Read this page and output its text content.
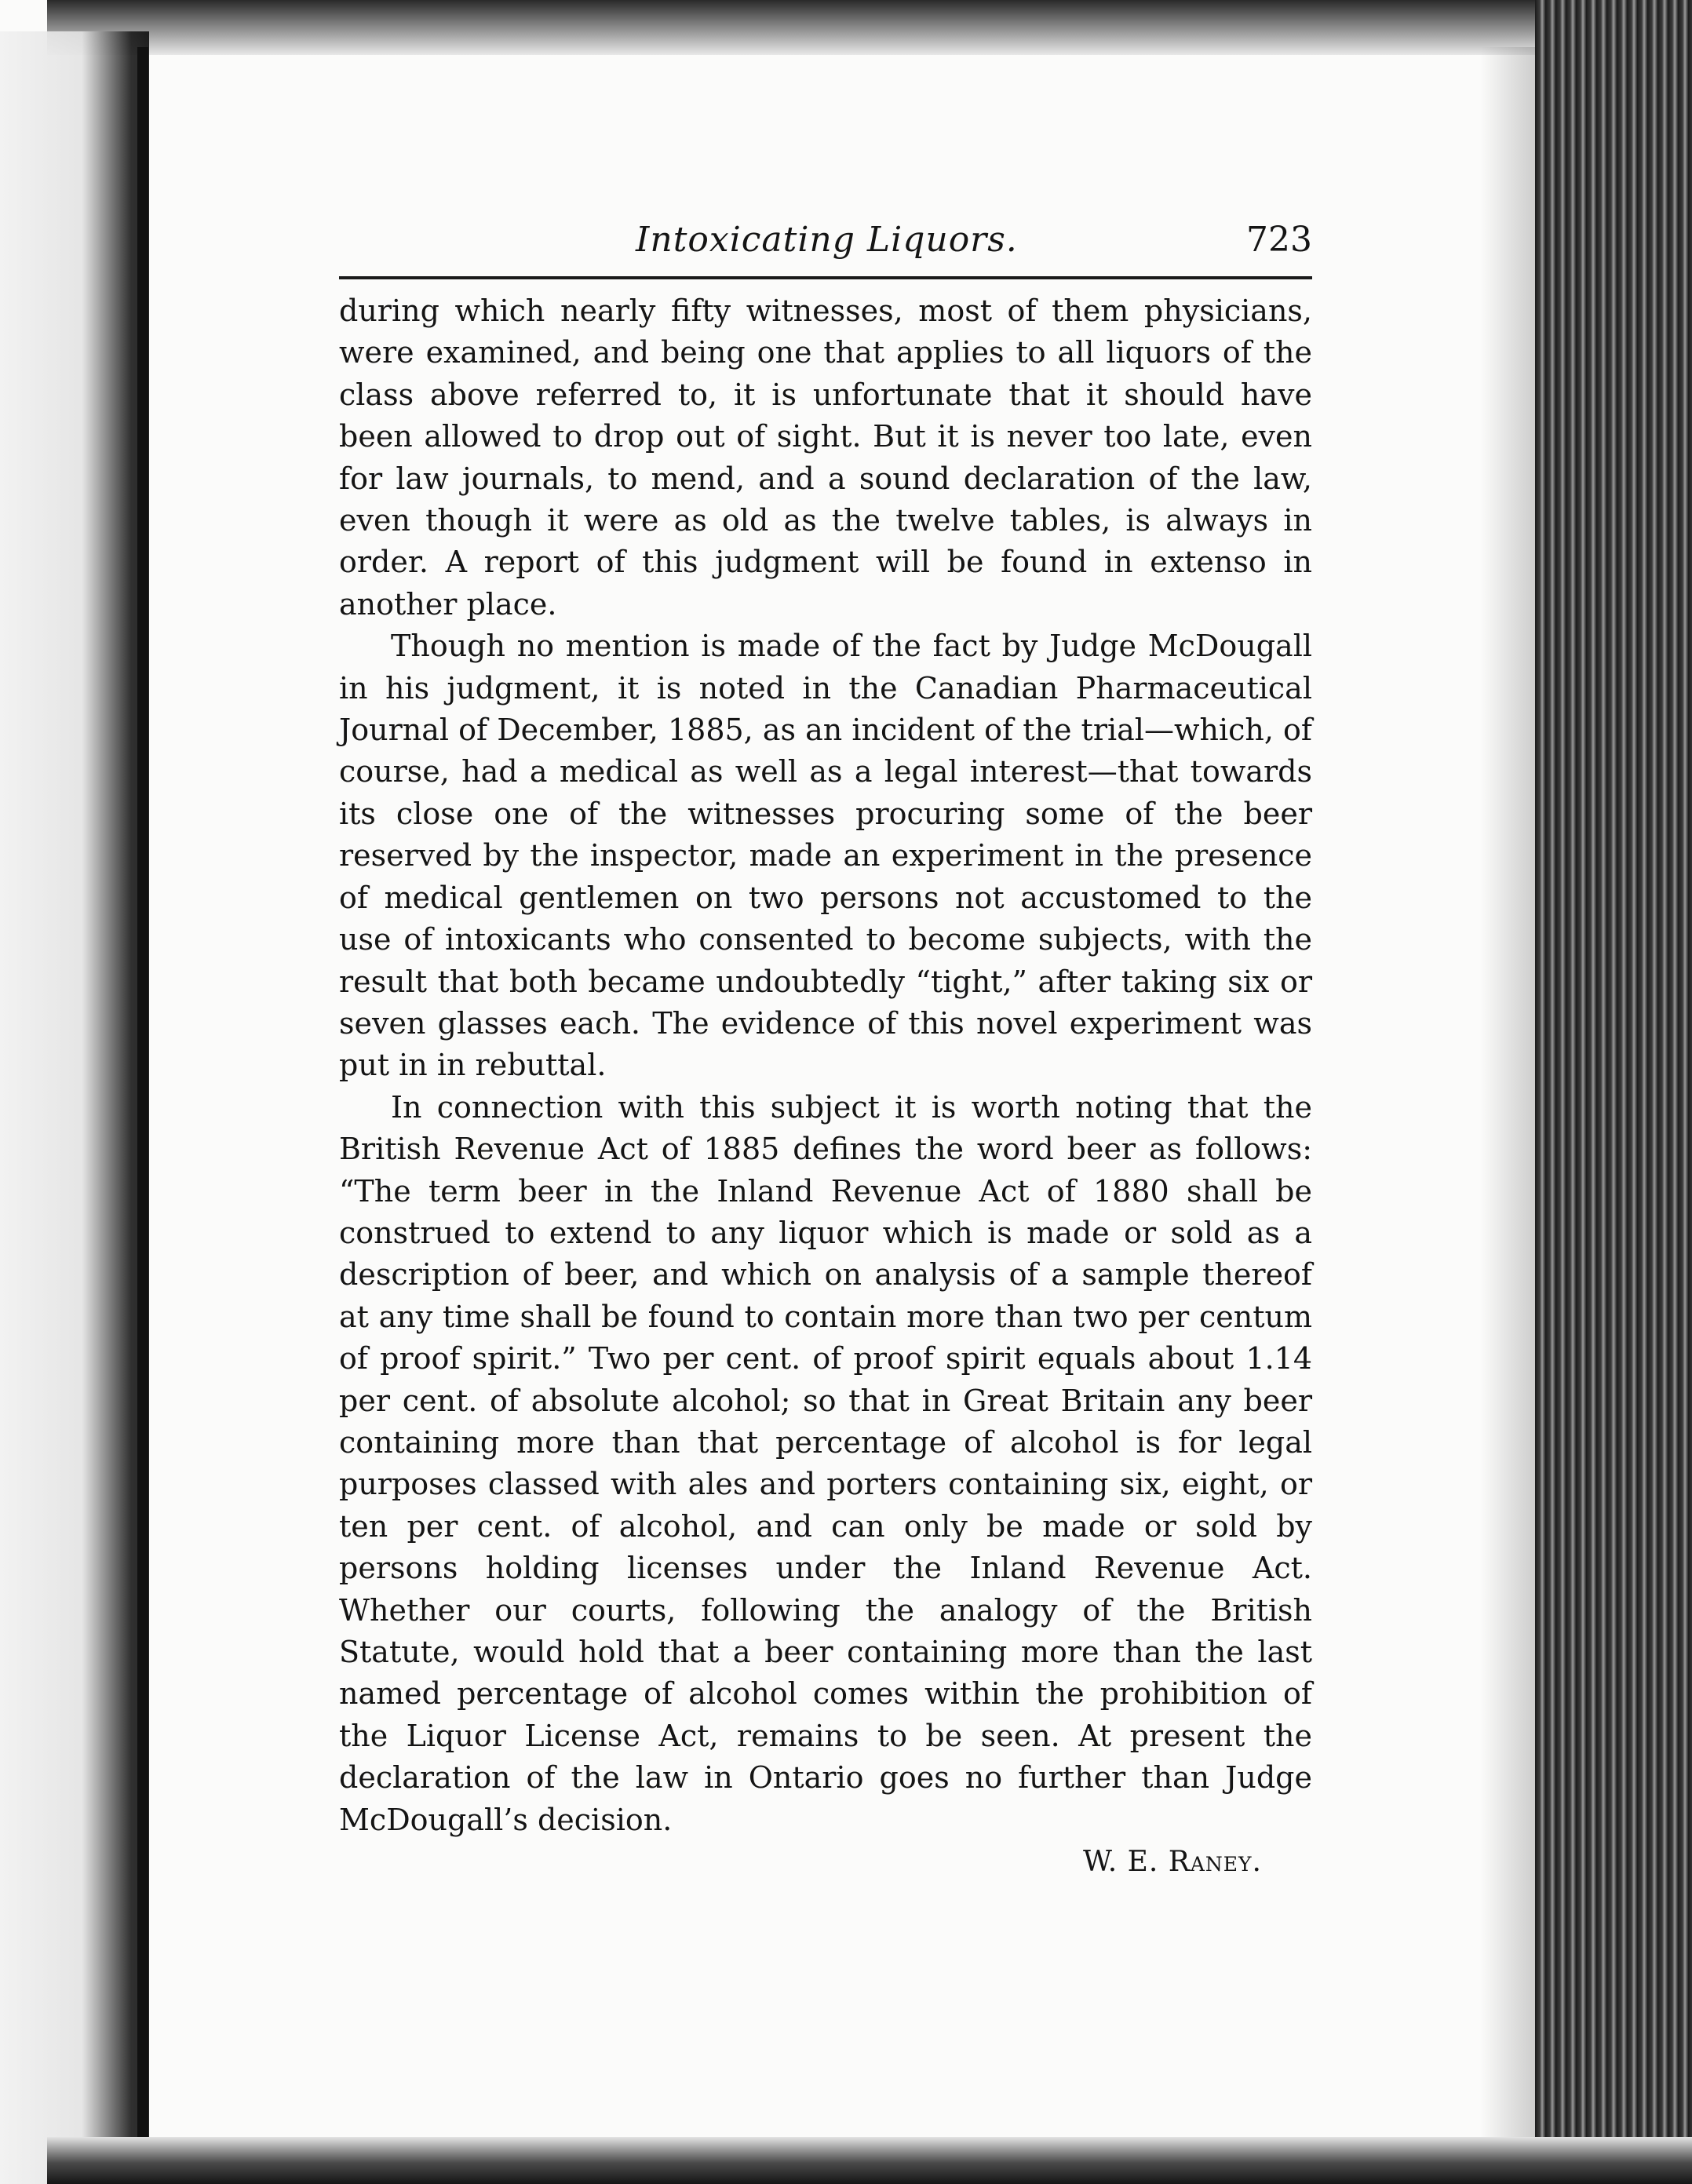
Intoxicating Liquors.	723

during which nearly fifty witnesses, most of them physicians, were examined, and being one that applies to all liquors of the class above referred to, it is unfortunate that it should have been allowed to drop out of sight. But it is never too late, even for law journals, to mend, and a sound declaration of the law, even though it were as old as the twelve tables, is always in order. A report of this judgment will be found in extenso in another place.

Though no mention is made of the fact by Judge McDougall in his judgment, it is noted in the Canadian Pharmaceutical Journal of December, 1885, as an incident of the trial—which, of course, had a medical as well as a legal interest—that towards its close one of the witnesses procuring some of the beer reserved by the inspector, made an experiment in the presence of medical gentlemen on two persons not accustomed to the use of intoxicants who consented to become subjects, with the result that both became undoubtedly “tight,” after taking six or seven glasses each. The evidence of this novel experiment was put in in rebuttal.

In connection with this subject it is worth noting that the British Revenue Act of 1885 defines the word beer as follows: “The term beer in the Inland Revenue Act of 1880 shall be construed to extend to any liquor which is made or sold as a description of beer, and which on analysis of a sample thereof at any time shall be found to contain more than two per centum of proof spirit.” Two per cent. of proof spirit equals about 1.14 per cent. of absolute alcohol; so that in Great Britain any beer containing more than that percentage of alcohol is for legal purposes classed with ales and porters containing six, eight, or ten per cent. of alcohol, and can only be made or sold by persons holding licenses under the Inland Revenue Act. Whether our courts, following the analogy of the British Statute, would hold that a beer containing more than the last named percentage of alcohol comes within the prohibition of the Liquor License Act, remains to be seen. At present the declaration of the law in Ontario goes no further than Judge McDougall’s decision.

W. E. Raney.
